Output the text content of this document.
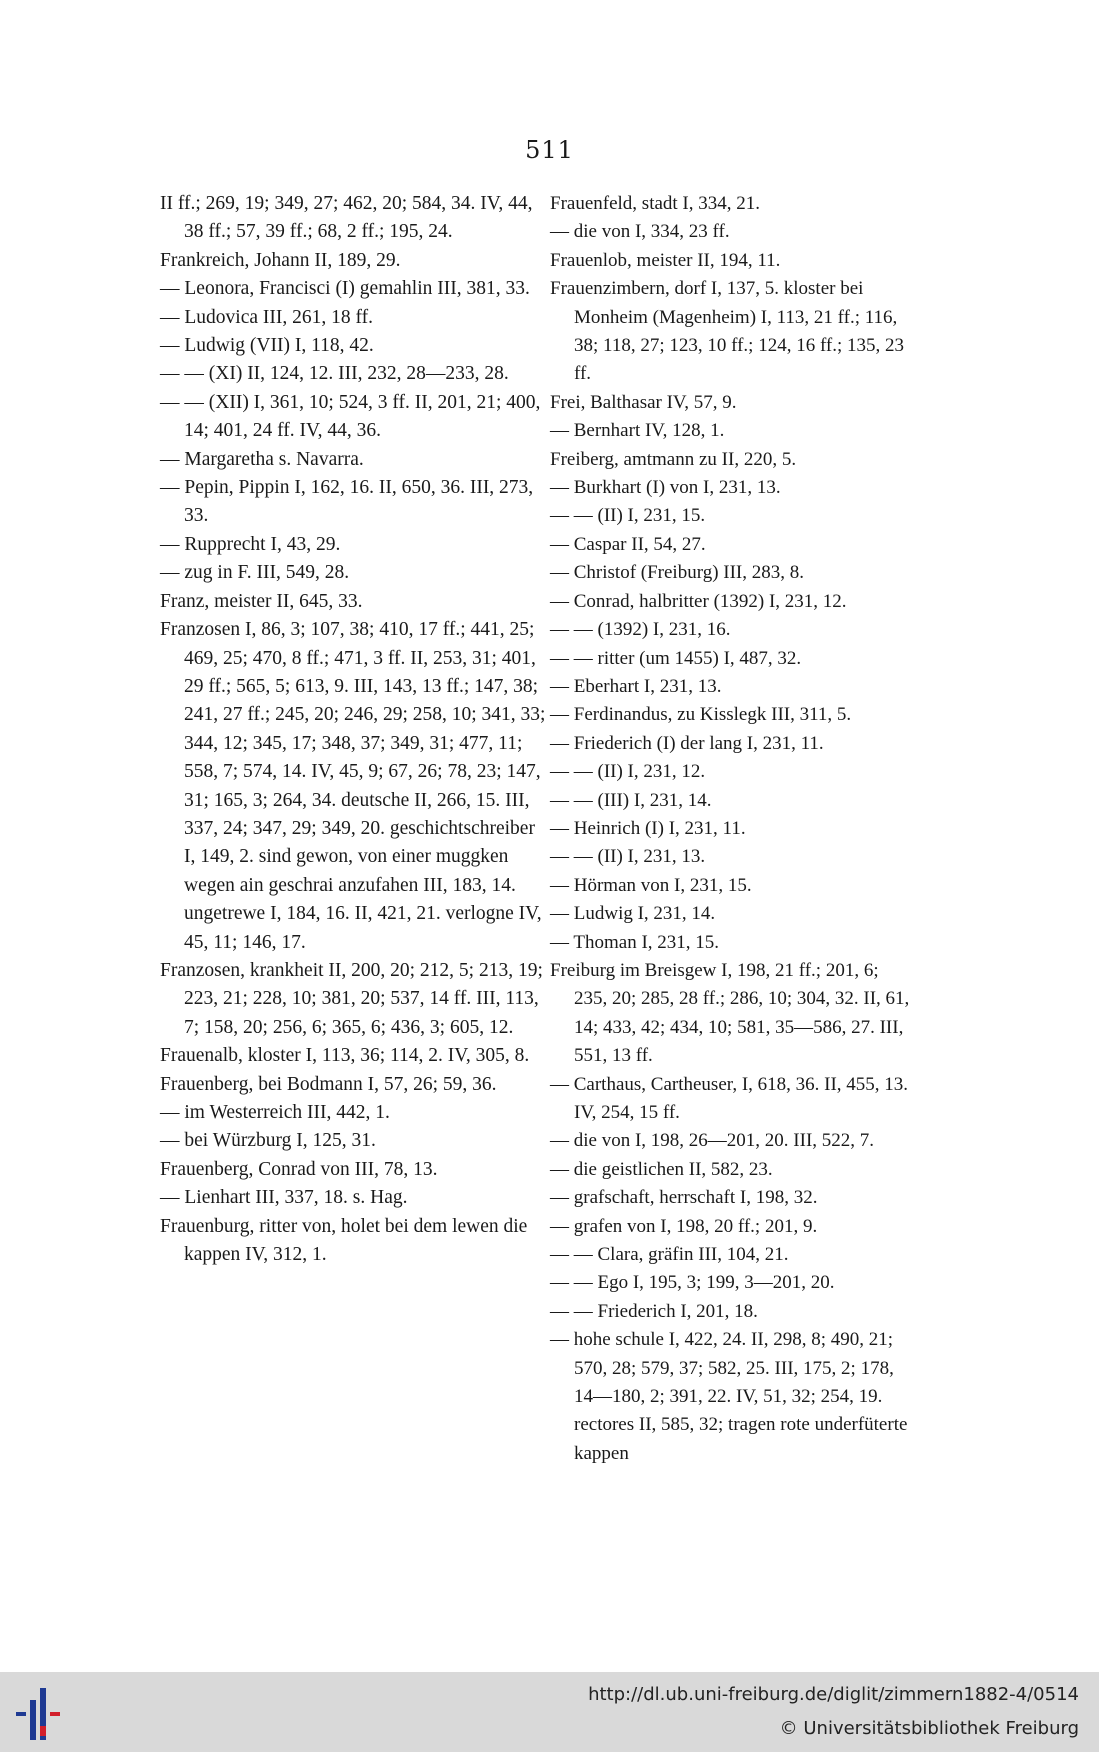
511
II ff.; 269, 19; 349, 27; 462, 20; 584, 34. IV, 44, 38 ff.; 57, 39 ff.; 68, 2 ff.; 195, 24.
Frankreich, Johann II, 189, 29.
— Leonora, Francisci (I) gemahlin III, 381, 33.
— Ludovica III, 261, 18 ff.
— Ludwig (VII) I, 118, 42.
— — (XI) II, 124, 12. III, 232, 28—233, 28.
— — (XII) I, 361, 10; 524, 3 ff. II, 201, 21; 400, 14; 401, 24 ff. IV, 44, 36.
— Margaretha s. Navarra.
— Pepin, Pippin I, 162, 16. II, 650, 36. III, 273, 33.
— Rupprecht I, 43, 29.
— zug in F. III, 549, 28.
Franz, meister II, 645, 33.
Franzosen I, 86, 3; 107, 38; 410, 17 ff.; 441, 25; 469, 25; 470, 8 ff.; 471, 3 ff. II, 253, 31; 401, 29 ff.; 565, 5; 613, 9. III, 143, 13 ff.; 147, 38; 241, 27 ff.; 245, 20; 246, 29; 258, 10; 341, 33; 344, 12; 345, 17; 348, 37; 349, 31; 477, 11; 558, 7; 574, 14. IV, 45, 9; 67, 26; 78, 23; 147, 31; 165, 3; 264, 34. deutsche II, 266, 15. III, 337, 24; 347, 29; 349, 20. geschichtschreiber I, 149, 2. sind gewon, von einer muggken wegen ain geschrai anzufahen III, 183, 14. ungetrewe I, 184, 16. II, 421, 21. verlogne IV, 45, 11; 146, 17.
Franzosen, krankheit II, 200, 20; 212, 5; 213, 19; 223, 21; 228, 10; 381, 20; 537, 14 ff. III, 113, 7; 158, 20; 256, 6; 365, 6; 436, 3; 605, 12.
Frauenalb, kloster I, 113, 36; 114, 2. IV, 305, 8.
Frauenberg, bei Bodmann I, 57, 26; 59, 36.
— im Westerreich III, 442, 1.
— bei Würzburg I, 125, 31.
Frauenberg, Conrad von III, 78, 13.
— Lienhart III, 337, 18. s. Hag.
Frauenburg, ritter von, holet bei dem lewen die kappen IV, 312, 1.
Frauenfeld, stadt I, 334, 21.
— die von I, 334, 23 ff.
Frauenlob, meister II, 194, 11.
Frauenzimbern, dorf I, 137, 5. kloster bei Monheim (Magenheim) I, 113, 21 ff.; 116, 38; 118, 27; 123, 10 ff.; 124, 16 ff.; 135, 23 ff.
Frei, Balthasar IV, 57, 9.
— Bernhart IV, 128, 1.
Freiberg, amtmann zu II, 220, 5.
— Burkhart (I) von I, 231, 13.
— — (II) I, 231, 15.
— Caspar II, 54, 27.
— Christof (Freiburg) III, 283, 8.
— Conrad, halbritter (1392) I, 231, 12.
— — (1392) I, 231, 16.
— — ritter (um 1455) I, 487, 32.
— Eberhart I, 231, 13.
— Ferdinandus, zu Kisslegk III, 311, 5.
— Friederich (I) der lang I, 231, 11.
— — (II) I, 231, 12.
— — (III) I, 231, 14.
— Heinrich (I) I, 231, 11.
— — (II) I, 231, 13.
— Hörman von I, 231, 15.
— Ludwig I, 231, 14.
— Thoman I, 231, 15.
Freiburg im Breisgew I, 198, 21 ff.; 201, 6; 235, 20; 285, 28 ff.; 286, 10; 304, 32. II, 61, 14; 433, 42; 434, 10; 581, 35—586, 27. III, 551, 13 ff.
— Carthaus, Cartheuser, I, 618, 36. II, 455, 13. IV, 254, 15 ff.
— die von I, 198, 26—201, 20. III, 522, 7.
— die geistlichen II, 582, 23.
— grafschaft, herrschaft I, 198, 32.
— grafen von I, 198, 20 ff.; 201, 9.
— — Clara, gräfin III, 104, 21.
— — Ego I, 195, 3; 199, 3—201, 20.
— — Friederich I, 201, 18.
— hohe schule I, 422, 24. II, 298, 8; 490, 21; 570, 28; 579, 37; 582, 25. III, 175, 2; 178, 14—180, 2; 391, 22. IV, 51, 32; 254, 19. rectores II, 585, 32; tragen rote underfüterte kappen
http://dl.ub.uni-freiburg.de/diglit/zimmern1882-4/0514
© Universitätsbibliothek Freiburg
